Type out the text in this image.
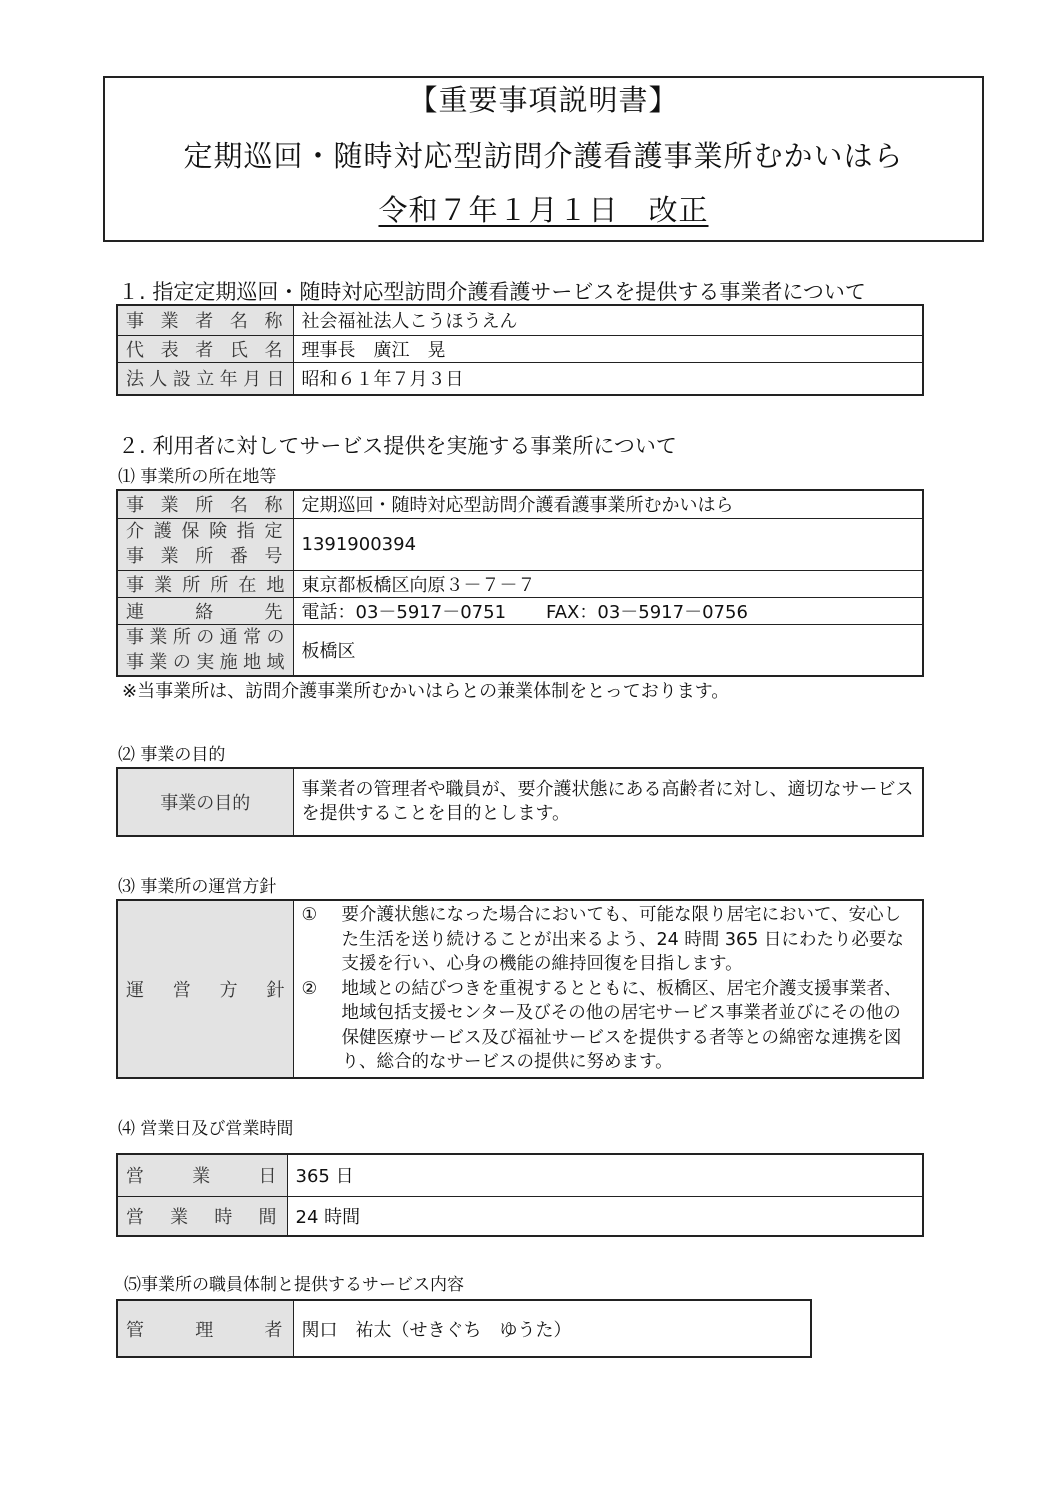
【重要事項説明書】
定期巡回・随時対応型訪問介護看護事業所むかいはら
令和７年１月１日　改正
１. 指定定期巡回・随時対応型訪問介護看護サービスを提供する事業者について
事業者名称	社会福祉法人こうほうえん
代表者氏名	理事長　廣江　晃
法人設立年月日	昭和６１年７月３日
２. 利用者に対してサービス提供を実施する事業所について
⑴ 事業所の所在地等
事業所名称	定期巡回・随時対応型訪問介護看護事業所むかいはら

介護保険指定
事業所番号	1391900394
事業所所在地	東京都板橋区向原３－７－７
連絡先	電話：03－5917－0751 FAX：03－5917－0756

事業所の通常の
事業の実施地域	板橋区
※当事業所は、訪問介護事業所むかいはらとの兼業体制をとっております。
⑵ 事業の目的
事業の目的	事業者の管理者や職員が、要介護状態にある高齢者に対し、適切なサービスを提供することを目的とします。
⑶ 事業所の運営方針
運営方針	
①	要介護状態になった場合においても、可能な限り居宅において、安心した生活を送り続けることが出来るよう、24 時間 365 日にわたり必要な支援を行い、心身の機能の維持回復を目指します。
②	地域との結びつきを重視するとともに、板橋区、居宅介護支援事業者、地域包括支援センター及びその他の居宅サービス事業者並びにその他の保健医療サービス及び福祉サービスを提供する者等との綿密な連携を図り、総合的なサービスの提供に努めます。
⑷ 営業日及び営業時間
営業日	365 日
営業時間	24 時間
⑸事業所の職員体制と提供するサービス内容
管理者	関口　祐太（せきぐち　ゆうた）
